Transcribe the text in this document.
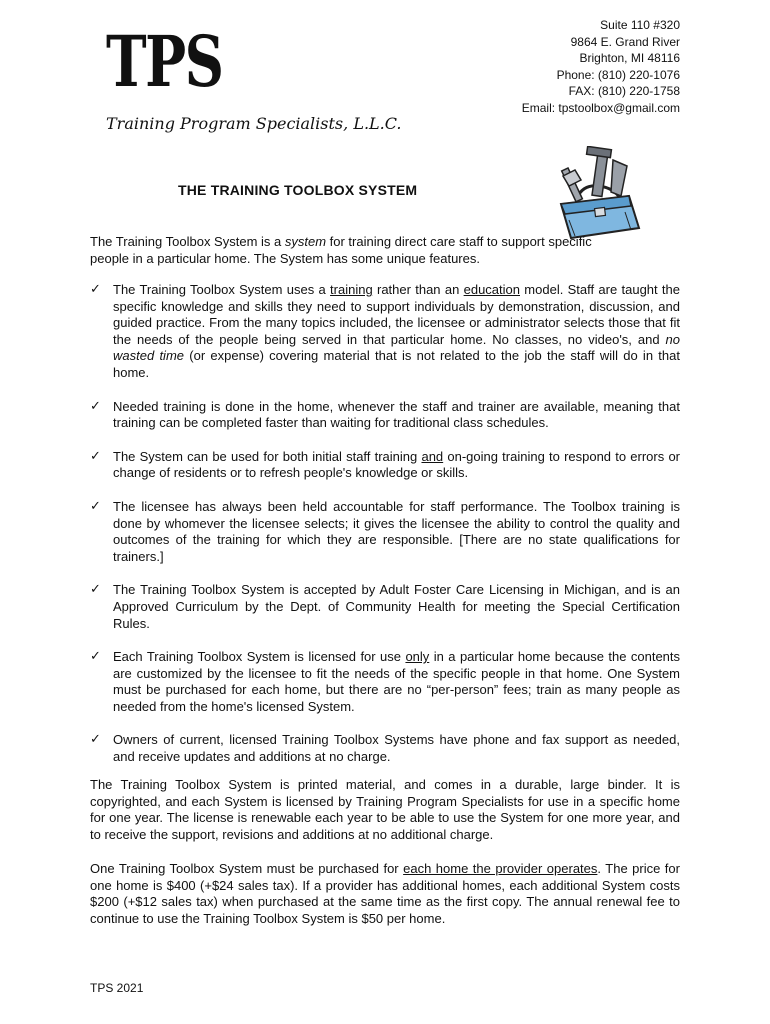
TPS
Training Program Specialists, L.L.C.
Suite 110 #320
9864 E. Grand River
Brighton, MI 48116
Phone: (810) 220-1076
FAX: (810) 220-1758
Email: tpstoolbox@gmail.com
THE TRAINING TOOLBOX SYSTEM
The Training Toolbox System is a system for training direct care staff to support specific people in a particular home. The System has some unique features.
✓ The Training Toolbox System uses a training rather than an education model. Staff are taught the specific knowledge and skills they need to support individuals by demonstration, discussion, and guided practice. From the many topics included, the licensee or administrator selects those that fit the needs of the people being served in that particular home. No classes, no video's, and no wasted time (or expense) covering material that is not related to the job the staff will do in that home.
✓ Needed training is done in the home, whenever the staff and trainer are available, meaning that training can be completed faster than waiting for traditional class schedules.
✓ The System can be used for both initial staff training and on-going training to respond to errors or change of residents or to refresh people's knowledge or skills.
✓ The licensee has always been held accountable for staff performance. The Toolbox training is done by whomever the licensee selects; it gives the licensee the ability to control the quality and outcomes of the training for which they are responsible. [There are no state qualifications for trainers.]
✓ The Training Toolbox System is accepted by Adult Foster Care Licensing in Michigan, and is an Approved Curriculum by the Dept. of Community Health for meeting the Special Certification Rules.
✓ Each Training Toolbox System is licensed for use only in a particular home because the contents are customized by the licensee to fit the needs of the specific people in that home. One System must be purchased for each home, but there are no “per-person” fees; train as many people as needed from the home's licensed System.
✓ Owners of current, licensed Training Toolbox Systems have phone and fax support as needed, and receive updates and additions at no charge.
The Training Toolbox System is printed material, and comes in a durable, large binder. It is copyrighted, and each System is licensed by Training Program Specialists for use in a specific home for one year. The license is renewable each year to be able to use the System for one more year, and to receive the support, revisions and additions at no additional charge.
One Training Toolbox System must be purchased for each home the provider operates. The price for one home is $400 (+$24 sales tax). If a provider has additional homes, each additional System costs $200 (+$12 sales tax) when purchased at the same time as the first copy. The annual renewal fee to continue to use the Training Toolbox System is $50 per home.
TPS 2021
